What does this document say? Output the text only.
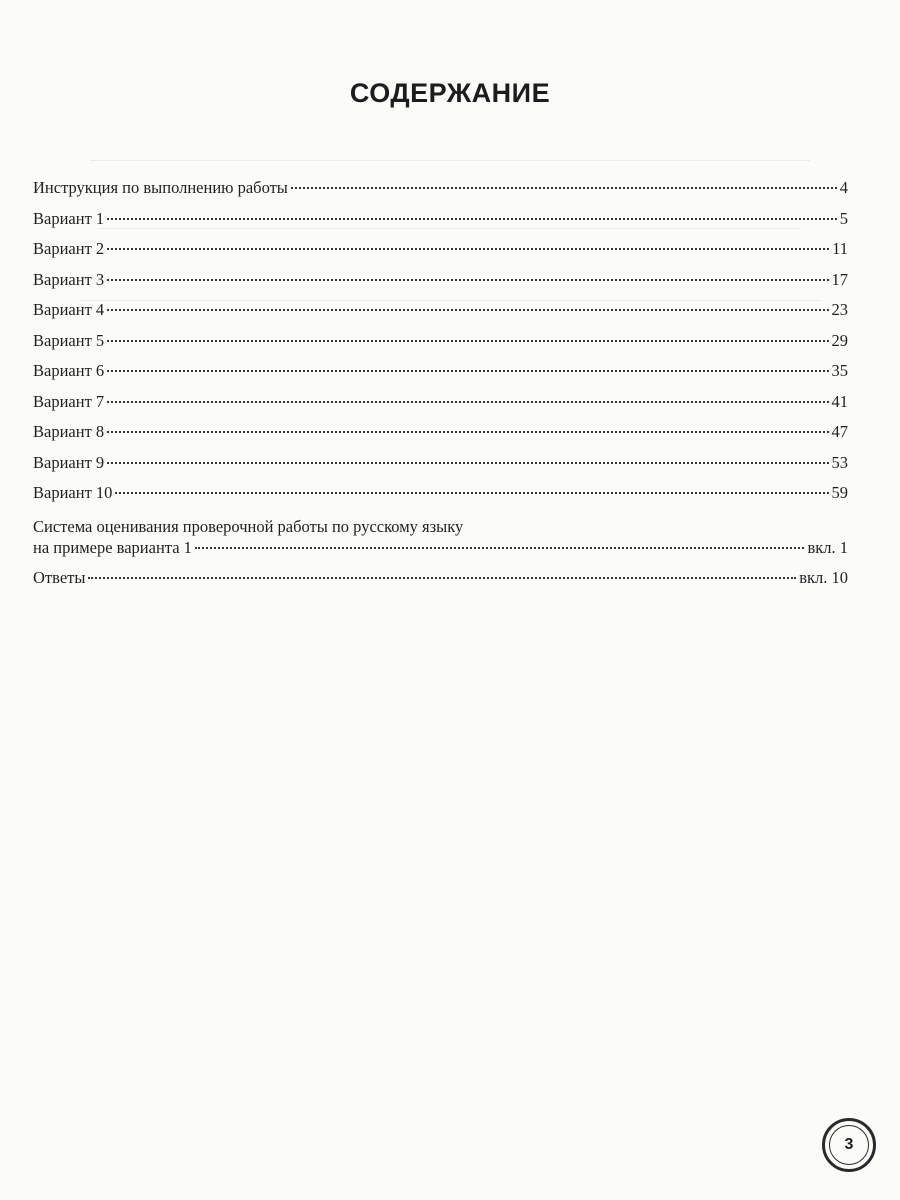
СОДЕРЖАНИЕ
Инструкция по выполнению работы	4
Вариант 1	5
Вариант 2	11
Вариант 3	17
Вариант 4	23
Вариант 5	29
Вариант 6	35
Вариант 7	41
Вариант 8	47
Вариант 9	53
Вариант 10	59
Система оценивания проверочной работы по русскому языку
на примере варианта 1	вкл. 1
Ответы	вкл. 10
3
